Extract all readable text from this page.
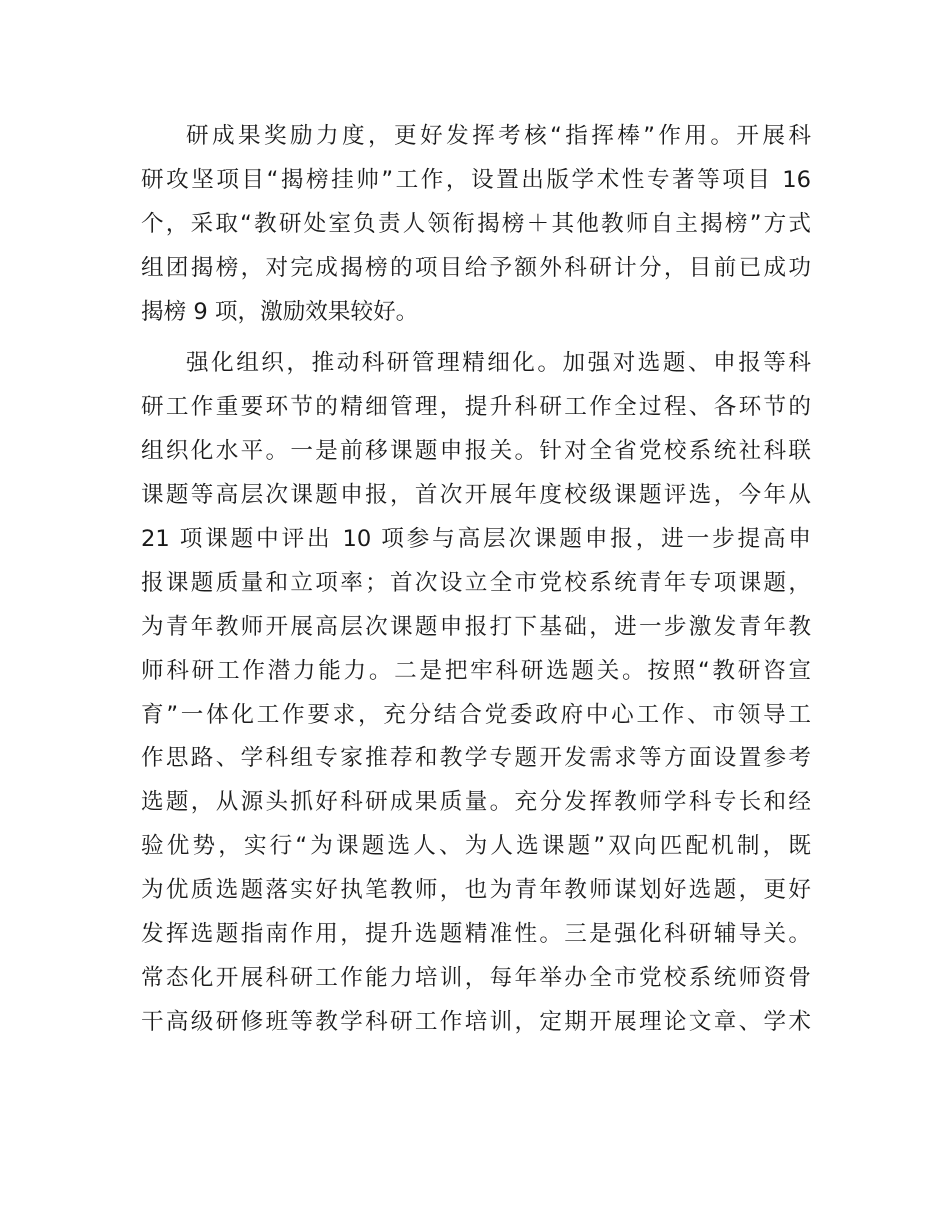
研成果奖励力度，更好发挥考核“指挥棒”作用。开展科
研攻坚项目“揭榜挂帅”工作，设置出版学术性专著等项目 16
个，采取“教研处室负责人领衔揭榜＋其他教师自主揭榜”方式
组团揭榜，对完成揭榜的项目给予额外科研计分，目前已成功
揭榜 9 项，激励效果较好。

强化组织，推动科研管理精细化。加强对选题、申报等科
研工作重要环节的精细管理，提升科研工作全过程、各环节的
组织化水平。一是前移课题申报关。针对全省党校系统社科联
课题等高层次课题申报，首次开展年度校级课题评选，今年从
21 项课题中评出 10 项参与高层次课题申报，进一步提高申
报课题质量和立项率；首次设立全市党校系统青年专项课题，
为青年教师开展高层次课题申报打下基础，进一步激发青年教
师科研工作潜力能力。二是把牢科研选题关。按照“教研咨宣
育”一体化工作要求，充分结合党委政府中心工作、市领导工
作思路、学科组专家推荐和教学专题开发需求等方面设置参考
选题，从源头抓好科研成果质量。充分发挥教师学科专长和经
验优势，实行“为课题选人、为人选课题”双向匹配机制，既
为优质选题落实好执笔教师，也为青年教师谋划好选题，更好
发挥选题指南作用，提升选题精准性。三是强化科研辅导关。
常态化开展科研工作能力培训，每年举办全市党校系统师资骨
干高级研修班等教学科研工作培训，定期开展理论文章、学术
